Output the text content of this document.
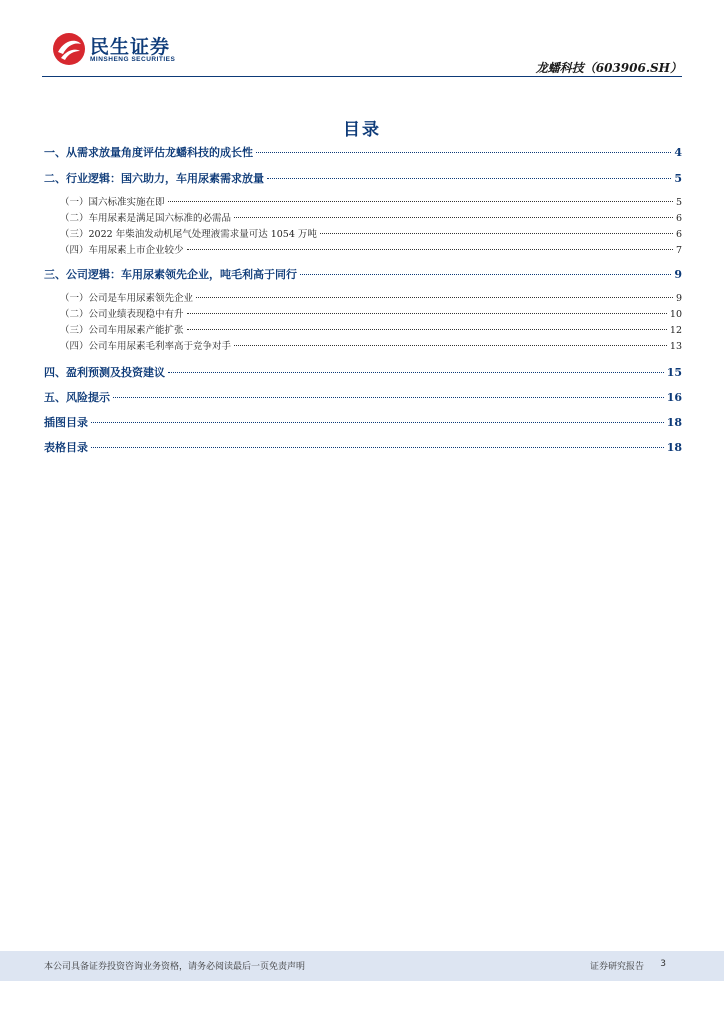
民生证券
MINSHENG SECURITIES
龙蟠科技（603906.SH）
目录
一、从需求放量角度评估龙蟠科技的成长性	4
二、行业逻辑：国六助力，车用尿素需求放量	5
（一）国六标准实施在即	5
（二）车用尿素是满足国六标准的必需品	6
（三）2022 年柴油发动机尾气处理液需求量可达 1054 万吨	6
（四）车用尿素上市企业较少	7
三、公司逻辑：车用尿素领先企业，吨毛利高于同行	9
（一）公司是车用尿素领先企业	9
（二）公司业绩表现稳中有升	10
（三）公司车用尿素产能扩张	12
（四）公司车用尿素毛利率高于竞争对手	13
四、盈利预测及投资建议	15
五、风险提示	16
插图目录	18
表格目录	18
本公司具备证券投资咨询业务资格，请务必阅读最后一页免责声明	证券研究报告 3
